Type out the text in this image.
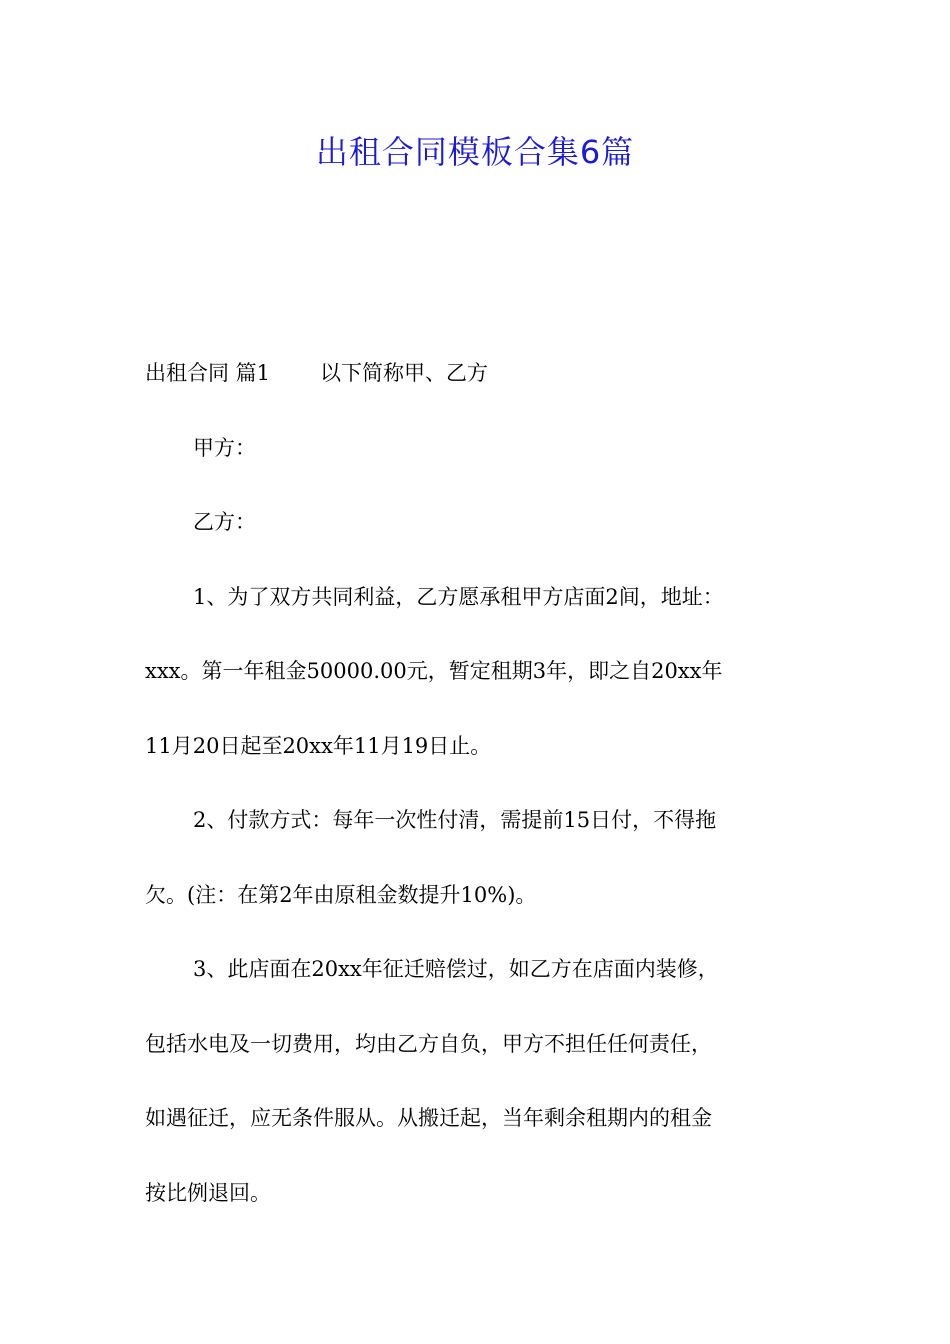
出租合同模板合集6篇
出租合同 篇1 以下简称甲、乙方
甲方：
乙方：
1、为了双方共同利益，乙方愿承租甲方店面2间，地址：
xxx。第一年租金50000.00元，暂定租期3年，即之自20xx年
11月20日起至20xx年11月19日止。
2、付款方式：每年一次性付清，需提前15日付，不得拖
欠。(注：在第2年由原租金数提升10%)。
3、此店面在20xx年征迁赔偿过，如乙方在店面内装修，
包括水电及一切费用，均由乙方自负，甲方不担任任何责任，
如遇征迁，应无条件服从。从搬迁起，当年剩余租期内的租金
按比例退回。
